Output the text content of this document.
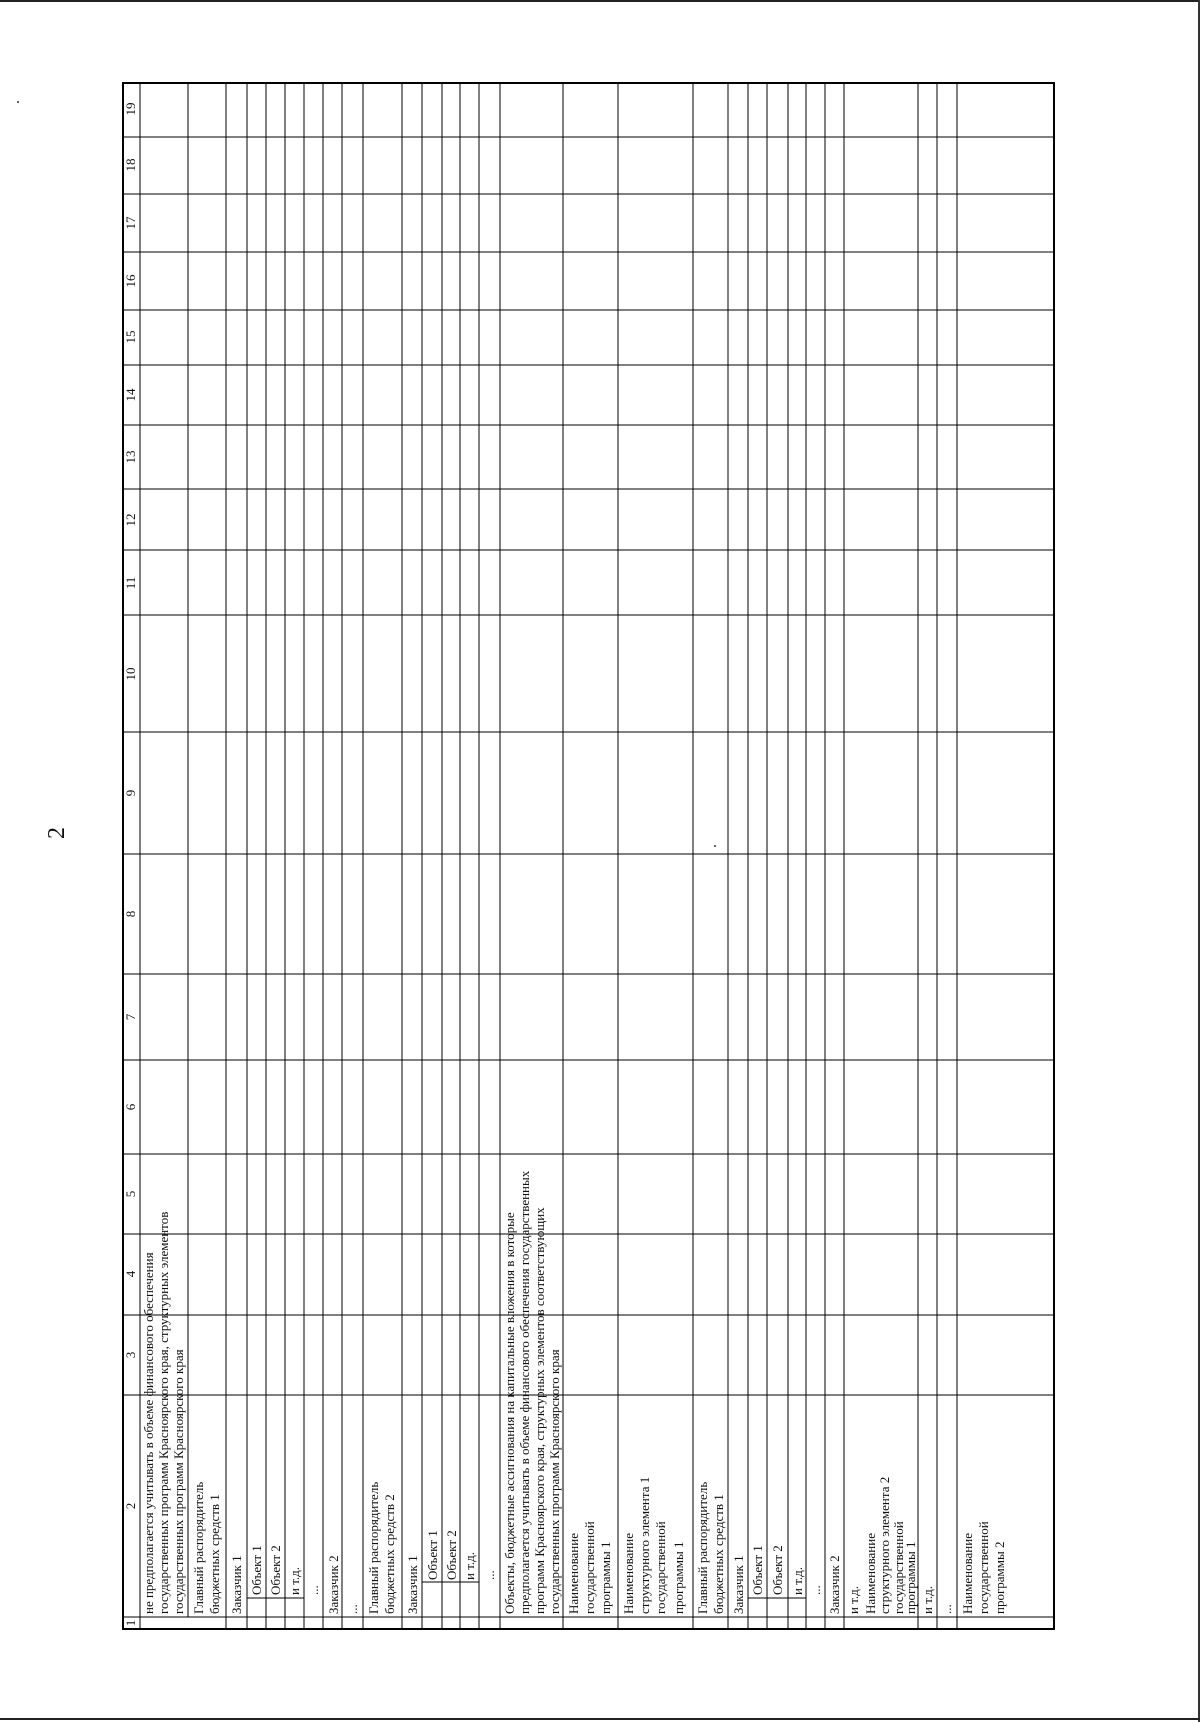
2
1
2
3
4
5
6
7
8
9
10
11
12
13
14
15
16
17
18
19
не предполагается учитывать в объеме финансового обеспечения государственных программ Красноярского края, структурных элементов государственных программ Красноярского края Главный распорядитель бюджетных средств 1 Заказчик 1 Объект 1 Объект 2 и т.д. ... Заказчик 2 ... Главный распорядитель бюджетных средств 2 Заказчик 1
Объект 1 Объект 2 и т.д. ... Объекты, бюджетные ассигнования на капитальные вложения в которые предполагается учитывать в объеме финансового обеспечения государственных программ Красноярского края, структурных элементов соответствующих государственных программ Красноярского края Наименование государственной программы 1 Наименование структурного элемента 1 государственной программы 1 Главный распорядитель бюджетных средств 1 Заказчик 1 Объект 1 Объект 2 и т.д. ... Заказчик 2 и т.д. Наименование структурного элемента 2 государственной
программы 1 и т.д. ... Наименование государственной программы 2
